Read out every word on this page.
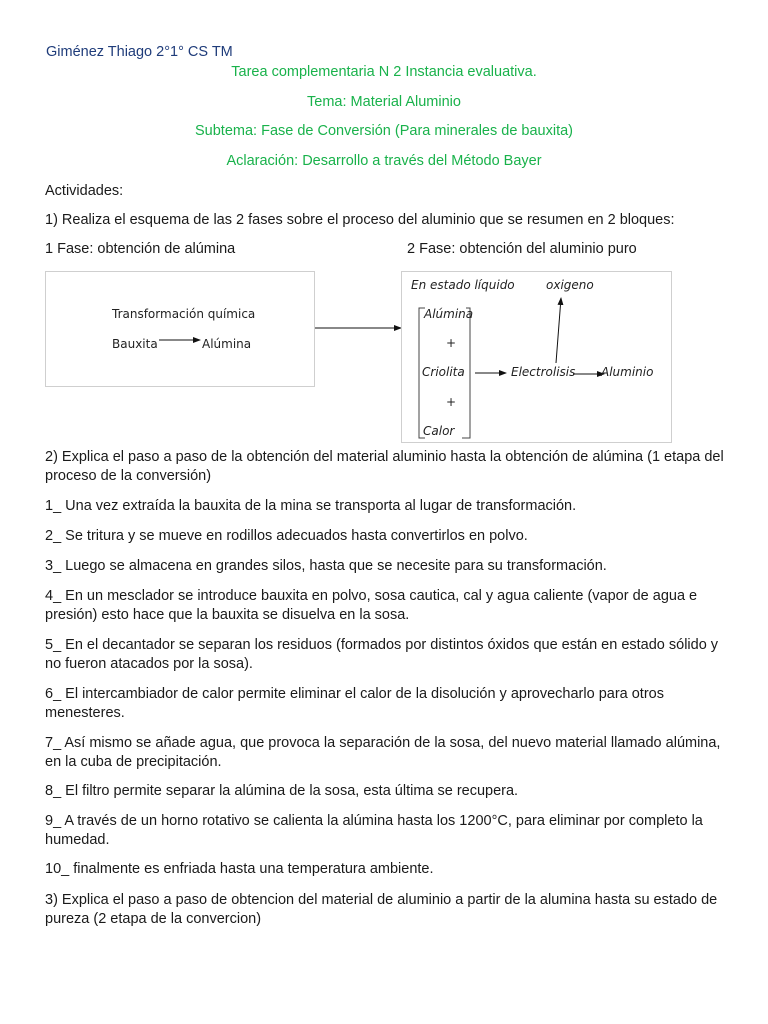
Giménez Thiago 2°1° CS TM
Tarea complementaria N 2 Instancia evaluativa.
Tema: Material Aluminio
Subtema: Fase de Conversión (Para minerales de bauxita)
Aclaración: Desarrollo a través del Método Bayer
Actividades:
1) Realiza el esquema de las 2 fases sobre el proceso del aluminio que se resumen en 2 bloques:
1 Fase: obtención de alúmina	2 Fase: obtención del aluminio puro
Transformación química
Bauxita	Alúmina
En estado líquido	oxigeno
Alúmina
+
Criolita	Electrolisis Aluminio
+
Calor
2) Explica el paso a paso de la obtención del material aluminio hasta la obtención de alúmina (1 etapa del proceso de la conversión)
1_ Una vez extraída la bauxita de la mina se transporta al lugar de transformación.
2_ Se tritura y se mueve en rodillos adecuados hasta convertirlos en polvo.
3_ Luego se almacena en grandes silos, hasta que se necesite para su transformación.
4_ En un mesclador se introduce bauxita en polvo, sosa cautica, cal y agua caliente (vapor de agua e presión) esto hace que la bauxita se disuelva en la sosa.
5_ En el decantador se separan los residuos (formados por distintos óxidos que están en estado sólido y no fueron atacados por la sosa).
6_ El intercambiador de calor permite eliminar el calor de la disolución y aprovecharlo para otros menesteres.
7_ Así mismo se añade agua, que provoca la separación de la sosa, del nuevo material llamado alúmina, en la cuba de precipitación.
8_ El filtro permite separar la alúmina de la sosa, esta última se recupera.
9_ A través de un horno rotativo se calienta la alúmina hasta los 1200°C, para eliminar por completo la humedad.
10_ finalmente es enfriada hasta una temperatura ambiente.
3) Explica el paso a paso de obtencion del material de aluminio a partir de la alumina hasta su estado de pureza (2 etapa de la convercion)
